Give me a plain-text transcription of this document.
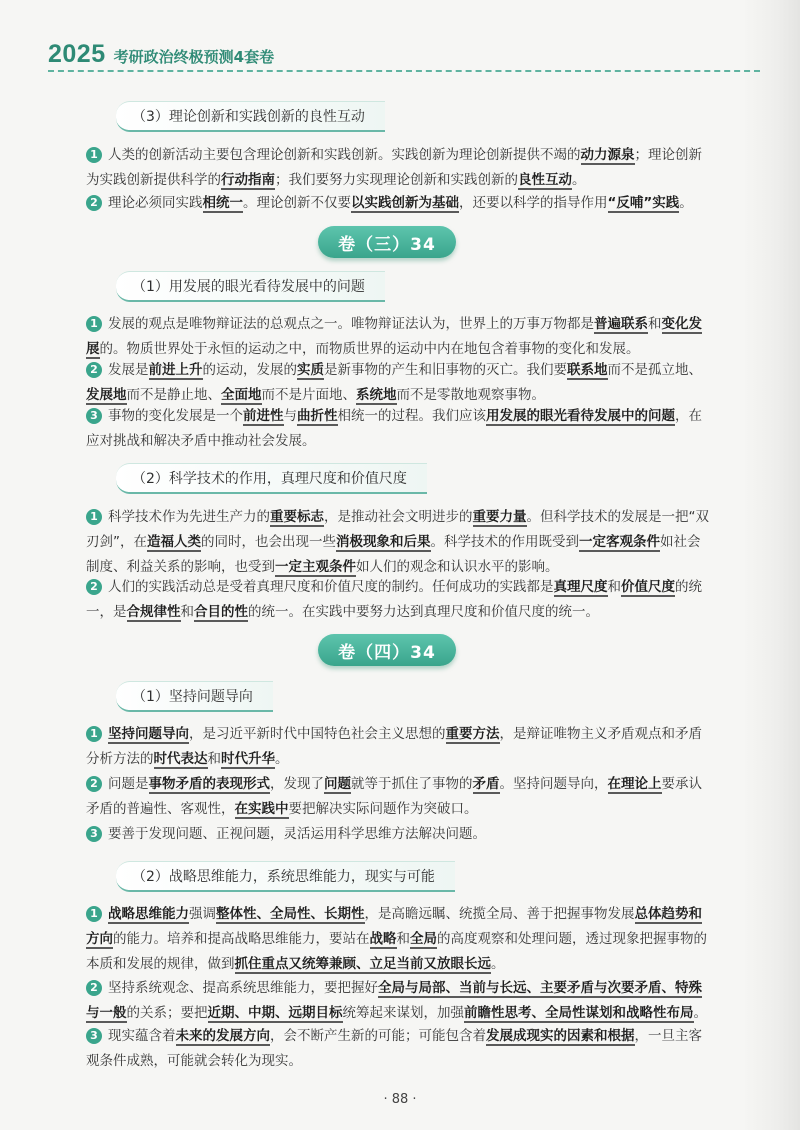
2025 考研政治终极预测4套卷
（3）理论创新和实践创新的良性互动
1 人类的创新活动主要包含理论创新和实践创新。实践创新为理论创新提供不竭的动力源泉；理论创新为实践创新提供科学的行动指南；我们要努力实现理论创新和实践创新的良性互动。
2 理论必须同实践相统一。理论创新不仅要以实践创新为基础，还要以科学的指导作用“反哺”实践。
卷（三）34
（1）用发展的眼光看待发展中的问题
1 发展的观点是唯物辩证法的总观点之一。唯物辩证法认为，世界上的万事万物都是普遍联系和变化发展的。物质世界处于永恒的运动之中，而物质世界的运动中内在地包含着事物的变化和发展。
2 发展是前进上升的运动，发展的实质是新事物的产生和旧事物的灭亡。我们要联系地而不是孤立地、发展地而不是静止地、全面地而不是片面地、系统地而不是零散地观察事物。
3 事物的变化发展是一个前进性与曲折性相统一的过程。我们应该用发展的眼光看待发展中的问题，在应对挑战和解决矛盾中推动社会发展。
（2）科学技术的作用，真理尺度和价值尺度
1 科学技术作为先进生产力的重要标志，是推动社会文明进步的重要力量。但科学技术的发展是一把“双刃剑”，在造福人类的同时，也会出现一些消极现象和后果。科学技术的作用既受到一定客观条件如社会制度、利益关系的影响，也受到一定主观条件如人们的观念和认识水平的影响。
2 人们的实践活动总是受着真理尺度和价值尺度的制约。任何成功的实践都是真理尺度和价值尺度的统一，是合规律性和合目的性的统一。在实践中要努力达到真理尺度和价值尺度的统一。
卷（四）34
（1）坚持问题导向
1 坚持问题导向，是习近平新时代中国特色社会主义思想的重要方法，是辩证唯物主义矛盾观点和矛盾分析方法的时代表达和时代升华。
2 问题是事物矛盾的表现形式，发现了问题就等于抓住了事物的矛盾。坚持问题导向，在理论上要承认矛盾的普遍性、客观性，在实践中要把解决实际问题作为突破口。
3 要善于发现问题、正视问题，灵活运用科学思维方法解决问题。
（2）战略思维能力，系统思维能力，现实与可能
1 战略思维能力强调整体性、全局性、长期性，是高瞻远瞩、统揽全局、善于把握事物发展总体趋势和方向的能力。培养和提高战略思维能力，要站在战略和全局的高度观察和处理问题，透过现象把握事物的本质和发展的规律，做到抓住重点又统筹兼顾、立足当前又放眼长远。
2 坚持系统观念、提高系统思维能力，要把握好全局与局部、当前与长远、主要矛盾与次要矛盾、特殊与一般的关系；要把近期、中期、远期目标统筹起来谋划，加强前瞻性思考、全局性谋划和战略性布局。
3 现实蕴含着未来的发展方向，会不断产生新的可能；可能包含着发展成现实的因素和根据，一旦主客观条件成熟，可能就会转化为现实。
· 88 ·
